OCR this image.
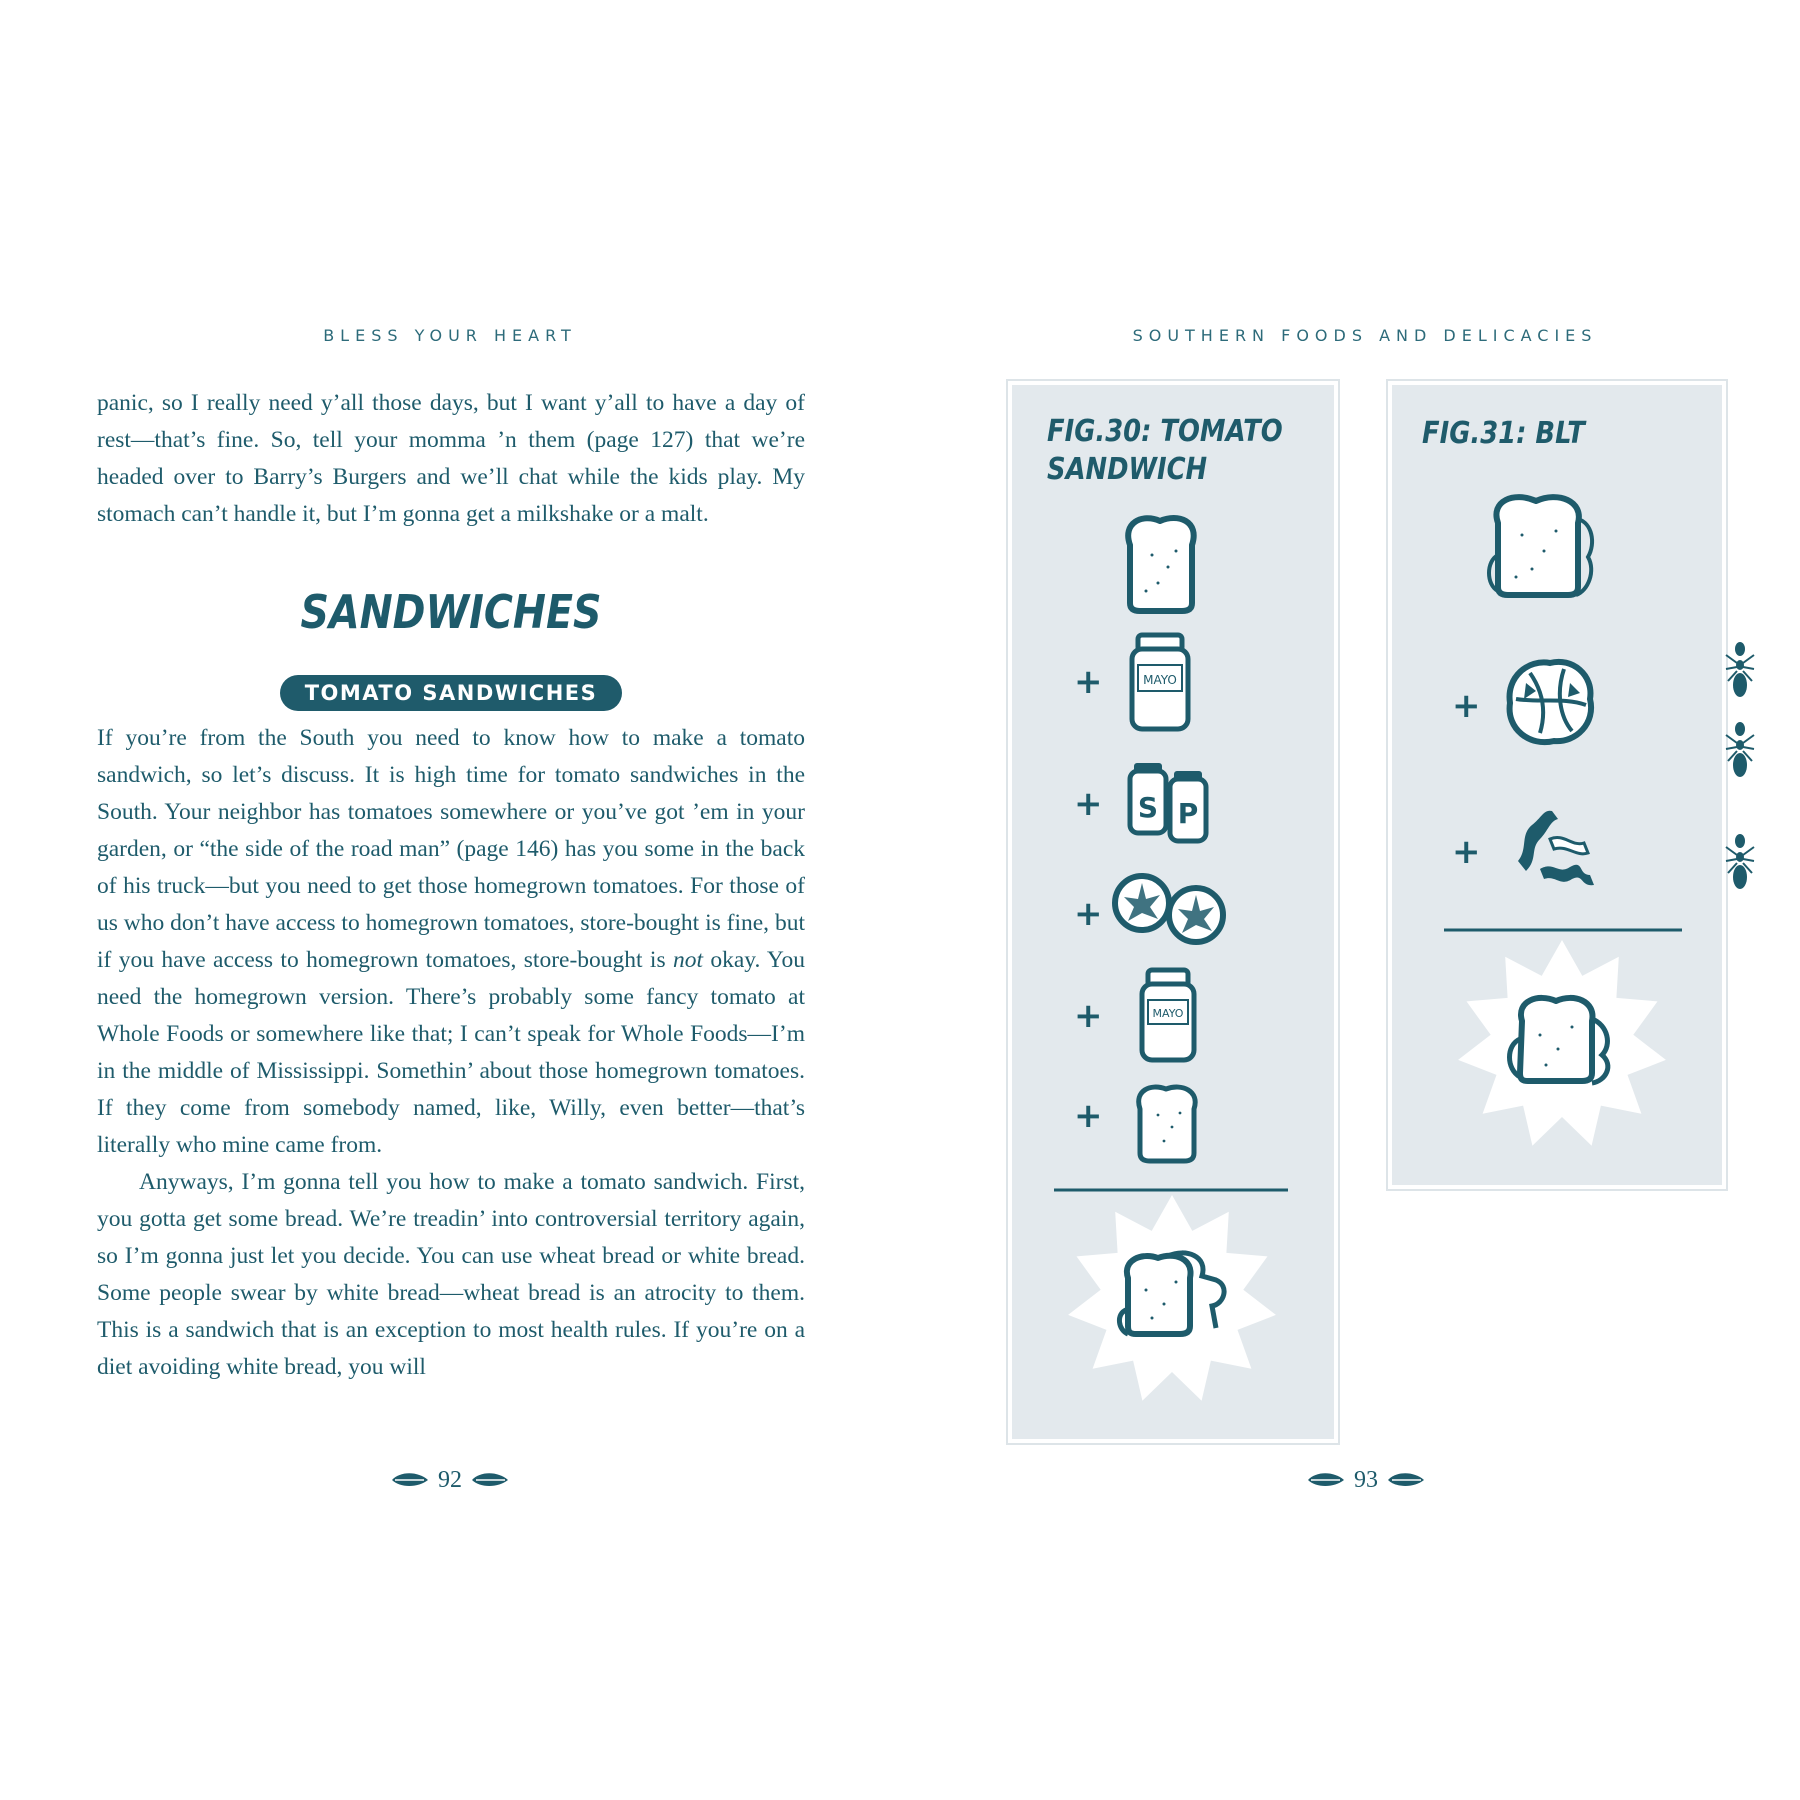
BLESS YOUR HEART

panic, so I really need y’all those days, but I want y’all to have a day of rest—that’s fine. So, tell your momma ’n them (page 127) that we’re headed over to Barry’s Burgers and we’ll chat while the kids play. My stomach can’t handle it, but I’m gonna get a milkshake or a malt.

SANDWICHES
TOMATO SANDWICHES

If you’re from the South you need to know how to make a tomato sandwich, so let’s discuss. It is high time for tomato sandwiches in the South. Your neighbor has tomatoes somewhere or you’ve got ’em in your garden, or “the side of the road man” (page 146) has you some in the back of his truck—but you need to get those homegrown tomatoes. For those of us who don’t have access to homegrown tomatoes, store-bought is fine, but if you have access to homegrown tomatoes, store-bought is not okay. You need the homegrown version. There’s probably some fancy tomato at Whole Foods or somewhere like that; I can’t speak for Whole Foods—I’m in the middle of Mississippi. Somethin’ about those homegrown tomatoes. If they come from somebody named, like, Willy, even better—that’s literally who mine came from.

Anyways, I’m gonna tell you how to make a tomato sandwich. First, you gotta get some bread. We’re treadin’ into controversial territory again, so I’m gonna just let you decide. You can use wheat bread or white bread. Some people swear by white bread—wheat bread is an atrocity to them. This is a sandwich that is an exception to most health rules. If you’re on a diet avoiding white bread, you will

92
SOUTHERN FOODS AND DELICACIES
FIG.30: TOMATO
SANDWICH
+	MAYO
+ S P
+
+	MAYO
+
FIG.31: BLT
+
+
93
